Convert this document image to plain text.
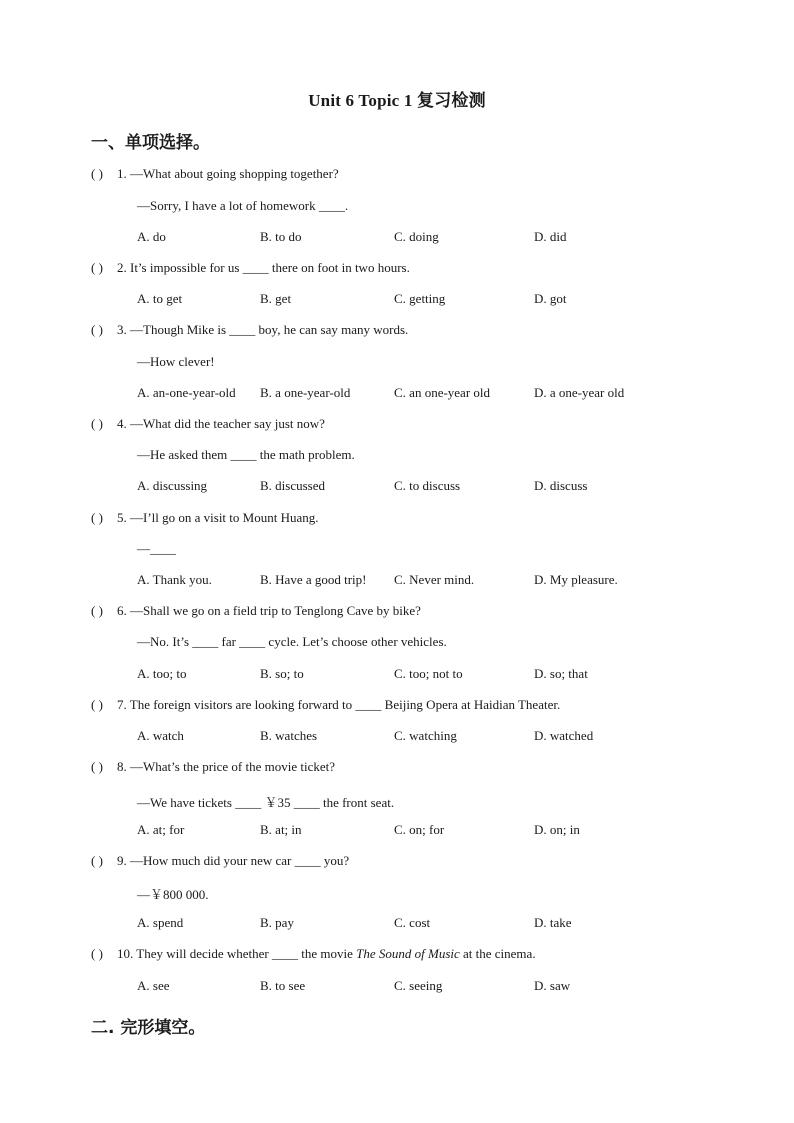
Unit 6 Topic 1 复习检测
一、单项选择。
( ) 1. —What about going shopping together?
—Sorry, I have a lot of homework ____.
A. do	B. to do	C. doing	D. did
( ) 2. It’s impossible for us ____ there on foot in two hours.
A. to get	B. get	C. getting	D. got
( ) 3. —Though Mike is ____ boy, he can say many words.
—How clever!
A. an-one-year-old B. a one-year-old	C. an one-year old	D. a one-year old
( ) 4. —What did the teacher say just now?
—He asked them ____ the math problem.
A. discussing	B. discussed	C. to discuss	D. discuss
( ) 5. —I’ll go on a visit to Mount Huang.
—____
A. Thank you.	B. Have a good trip! C. Never mind.	D. My pleasure.
( ) 6. —Shall we go on a field trip to Tenglong Cave by bike?
—No. It’s ____ far ____ cycle. Let’s choose other vehicles.
A. too; to	B. so; to	C. too; not to	D. so; that
( ) 7. The foreign visitors are looking forward to ____ Beijing Opera at Haidian Theater.
A. watch	B. watches	C. watching	D. watched
( ) 8. —What’s the price of the movie ticket?
—We have tickets ____ ￥35 ____ the front seat.
A. at; for	B. at; in	C. on; for	D. on; in
( ) 9. —How much did your new car ____ you?
—￥800 000.
A. spend	B. pay	C. cost	D. take
( ) 10. They will decide whether ____ the movie The Sound of Music at the cinema.
A. see	B. to see	C. seeing	D. saw
二. 完形填空。
